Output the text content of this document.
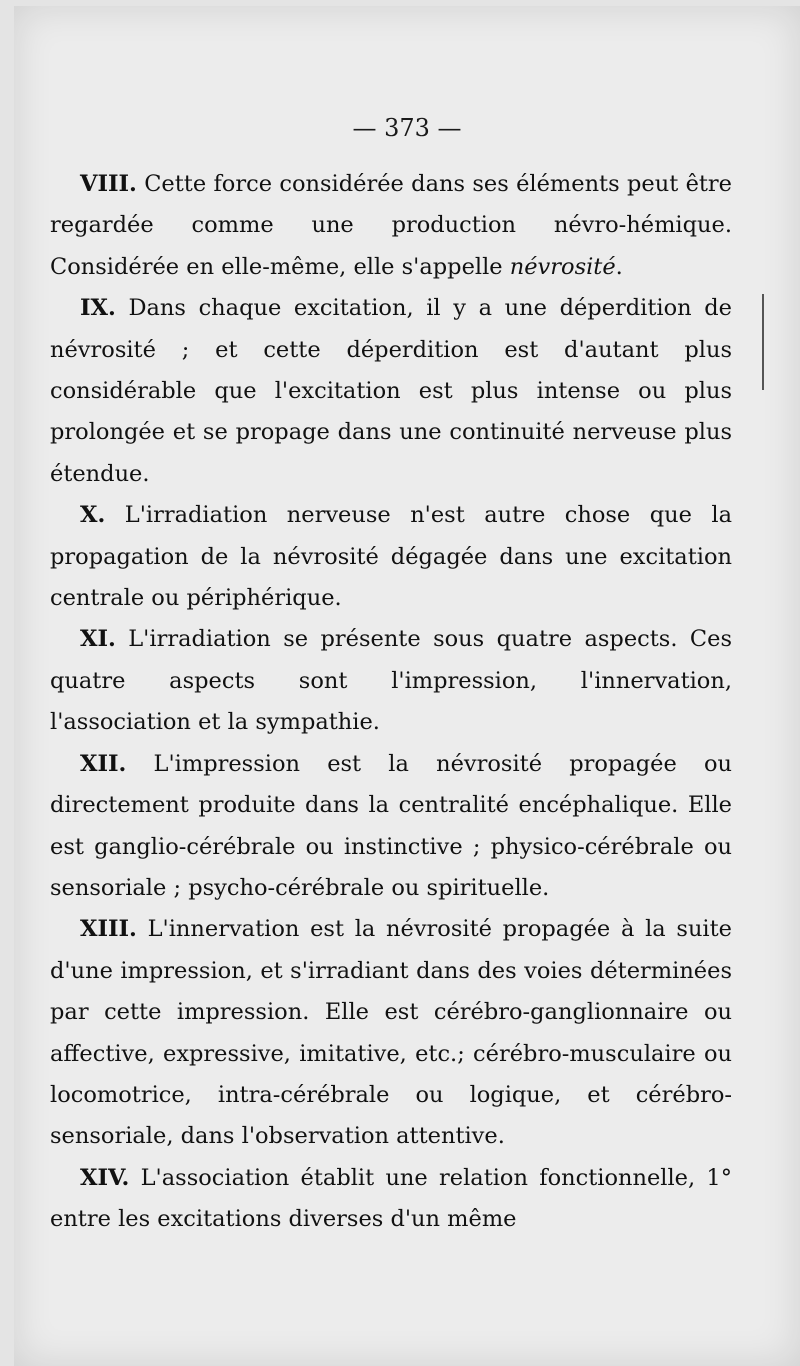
— 373 —

VIII. Cette force considérée dans ses éléments peut être regardée comme une production névro-hémique. Considérée en elle-même, elle s'appelle névrosité.

IX. Dans chaque excitation, il y a une déperdition de névrosité ; et cette déperdition est d'autant plus considérable que l'excitation est plus intense ou plus prolongée et se propage dans une continuité nerveuse plus étendue.

X. L'irradiation nerveuse n'est autre chose que la propagation de la névrosité dégagée dans une excitation centrale ou périphérique.

XI. L'irradiation se présente sous quatre aspects. Ces quatre aspects sont l'impression, l'innervation, l'association et la sympathie.

XII. L'impression est la névrosité propagée ou directement produite dans la centralité encéphalique. Elle est ganglio-cérébrale ou instinctive ; physico-cérébrale ou sensoriale ; psycho-cérébrale ou spirituelle.

XIII. L'innervation est la névrosité propagée à la suite d'une impression, et s'irradiant dans des voies déterminées par cette impression. Elle est cérébro-ganglionnaire ou affective, expressive, imitative, etc.; cérébro-musculaire ou locomotrice, intra-cérébrale ou logique, et cérébro-sensoriale, dans l'observation attentive.

XIV. L'association établit une relation fonctionnelle, 1° entre les excitations diverses d'un même
